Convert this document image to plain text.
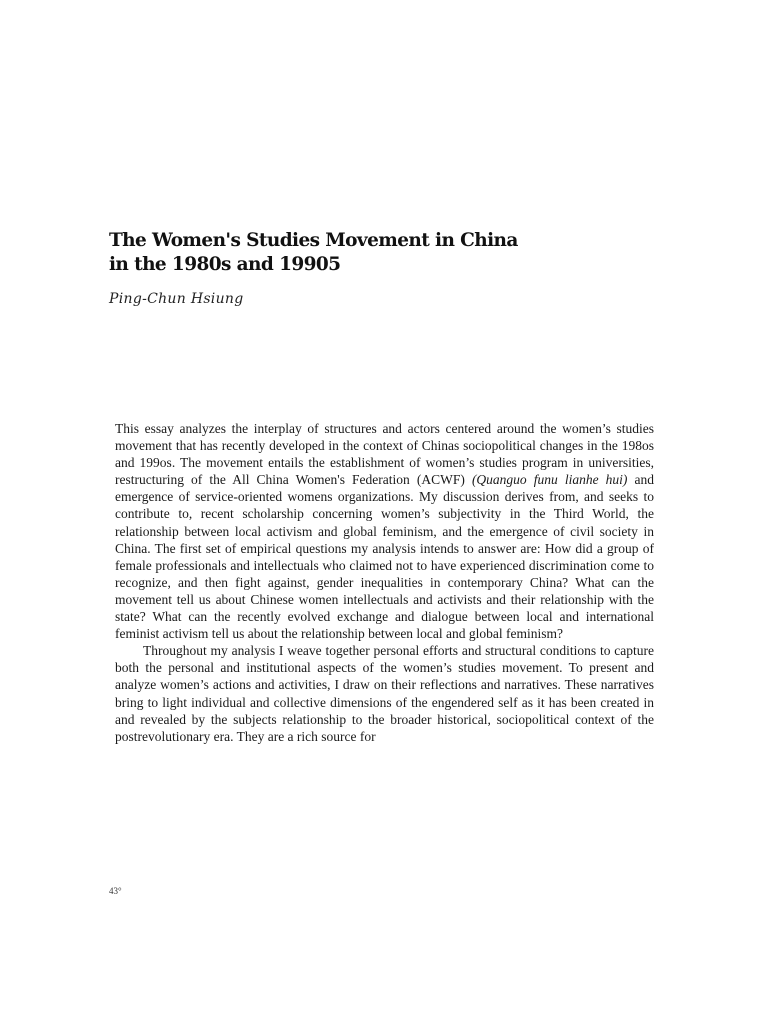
The Women's Studies Movement in China
in the 1980s and 19905

Ping-Chun Hsiung

This essay analyzes the interplay of structures and actors centered around the women’s studies movement that has recently developed in the context of Chinas sociopolitical changes in the 198os and 199os. The movement entails the establishment of women’s studies program in universities, restructuring of the All China Women's Federation (ACWF) (Quanguo funu lianhe hui) and emergence of service-oriented womens organizations. My discussion derives from, and seeks to contribute to, recent scholarship concerning women’s subjectivity in the Third World, the relationship between local activism and global feminism, and the emergence of civil society in China. The first set of empirical questions my analysis intends to answer are: How did a group of female professionals and intellectuals who claimed not to have experienced discrimination come to recognize, and then fight against, gender inequalities in contemporary China? What can the movement tell us about Chinese women intellectuals and activists and their relationship with the state? What can the recently evolved exchange and dialogue between local and international feminist activism tell us about the relationship between local and global feminism?

Throughout my analysis I weave together personal efforts and structural conditions to capture both the personal and institutional aspects of the women’s studies movement. To present and analyze women’s actions and activities, I draw on their reflections and narratives. These narratives bring to light individual and collective dimensions of the engendered self as it has been created in and revealed by the subjects relationship to the broader historical, sociopolitical context of the postrevolutionary era. They are a rich source for

43°
